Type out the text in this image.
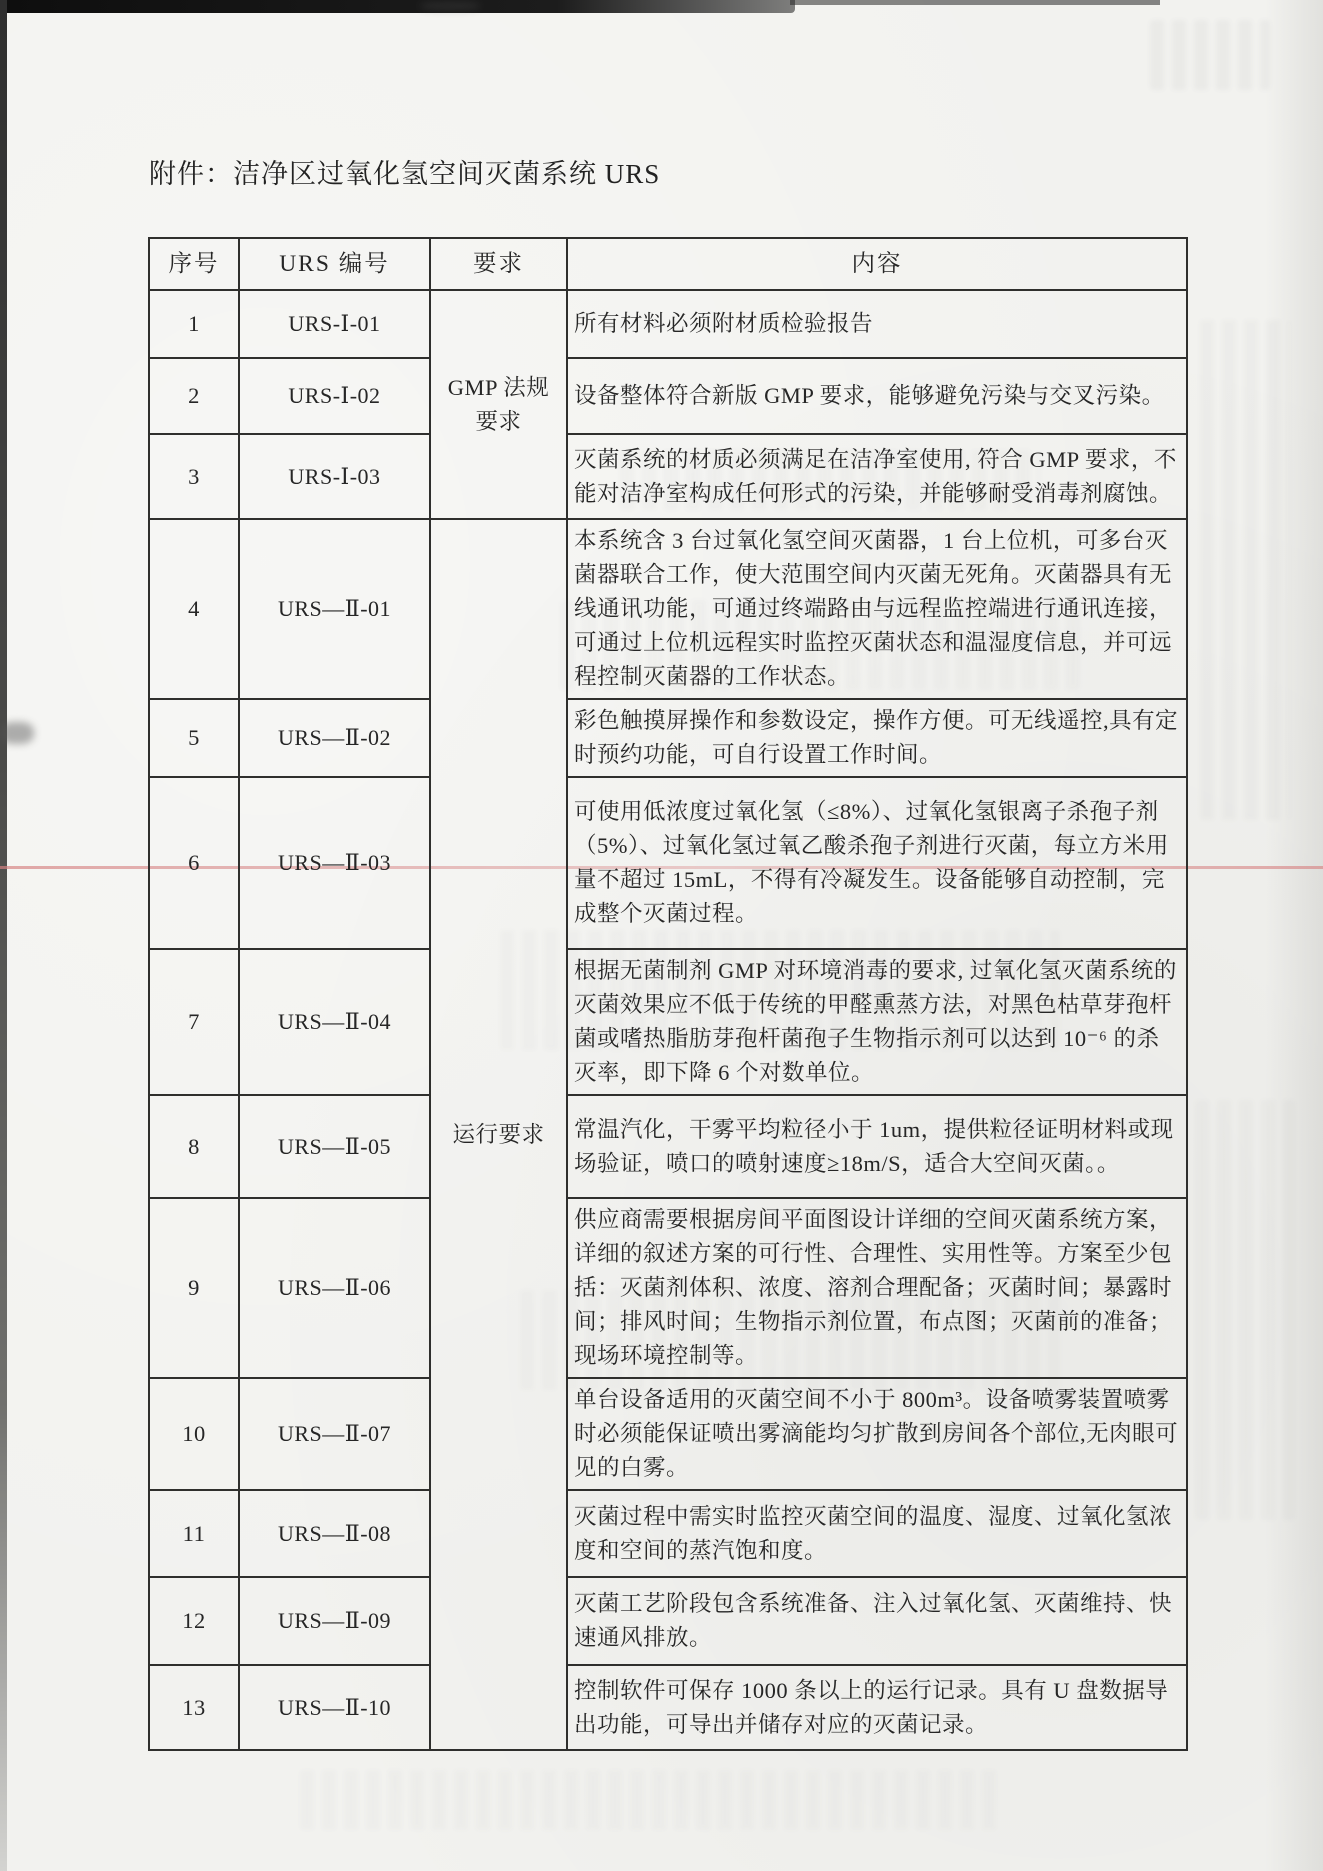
附件：洁净区过氧化氢空间灭菌系统 URS
序号	URS 编号	要求	内容
1	URS-Ⅰ-01	GMP 法规要求	所有材料必须附材质检验报告
2	URS-Ⅰ-02		设备整体符合新版 GMP 要求，能够避免污染与交叉污染。
3	URS-Ⅰ-03		灭菌系统的材质必须满足在洁净室使用, 符合 GMP 要求，不能对洁净室构成任何形式的污染，并能够耐受消毒剂腐蚀。
4	URS—Ⅱ-01	运行要求	本系统含 3 台过氧化氢空间灭菌器，1 台上位机，可多台灭菌器联合工作，使大范围空间内灭菌无死角。灭菌器具有无线通讯功能，可通过终端路由与远程监控端进行通讯连接，可通过上位机远程实时监控灭菌状态和温湿度信息，并可远程控制灭菌器的工作状态。
5	URS—Ⅱ-02		彩色触摸屏操作和参数设定，操作方便。可无线遥控,具有定时预约功能，可自行设置工作时间。
6	URS—Ⅱ-03		可使用低浓度过氧化氢（≤8%）、过氧化氢银离子杀孢子剂（5%）、过氧化氢过氧乙酸杀孢子剂进行灭菌，每立方米用量不超过 15mL，不得有冷凝发生。设备能够自动控制，完成整个灭菌过程。
7	URS—Ⅱ-04		根据无菌制剂 GMP 对环境消毒的要求, 过氧化氢灭菌系统的灭菌效果应不低于传统的甲醛熏蒸方法，对黑色枯草芽孢杆菌或嗜热脂肪芽孢杆菌孢子生物指示剂可以达到 10⁻⁶ 的杀灭率，即下降 6 个对数单位。
8	URS—Ⅱ-05		常温汽化，干雾平均粒径小于 1um，提供粒径证明材料或现场验证，喷口的喷射速度≥18m/S，适合大空间灭菌。。
9	URS—Ⅱ-06		供应商需要根据房间平面图设计详细的空间灭菌系统方案，详细的叙述方案的可行性、合理性、实用性等。方案至少包括：灭菌剂体积、浓度、溶剂合理配备；灭菌时间；暴露时间；排风时间；生物指示剂位置，布点图；灭菌前的准备；现场环境控制等。
10	URS—Ⅱ-07		单台设备适用的灭菌空间不小于 800m³。设备喷雾装置喷雾时必须能保证喷出雾滴能均匀扩散到房间各个部位,无肉眼可见的白雾。
11	URS—Ⅱ-08		灭菌过程中需实时监控灭菌空间的温度、湿度、过氧化氢浓度和空间的蒸汽饱和度。
12	URS—Ⅱ-09		灭菌工艺阶段包含系统准备、注入过氧化氢、灭菌维持、快速通风排放。
13	URS—Ⅱ-10		控制软件可保存 1000 条以上的运行记录。具有 U 盘数据导出功能，可导出并储存对应的灭菌记录。
